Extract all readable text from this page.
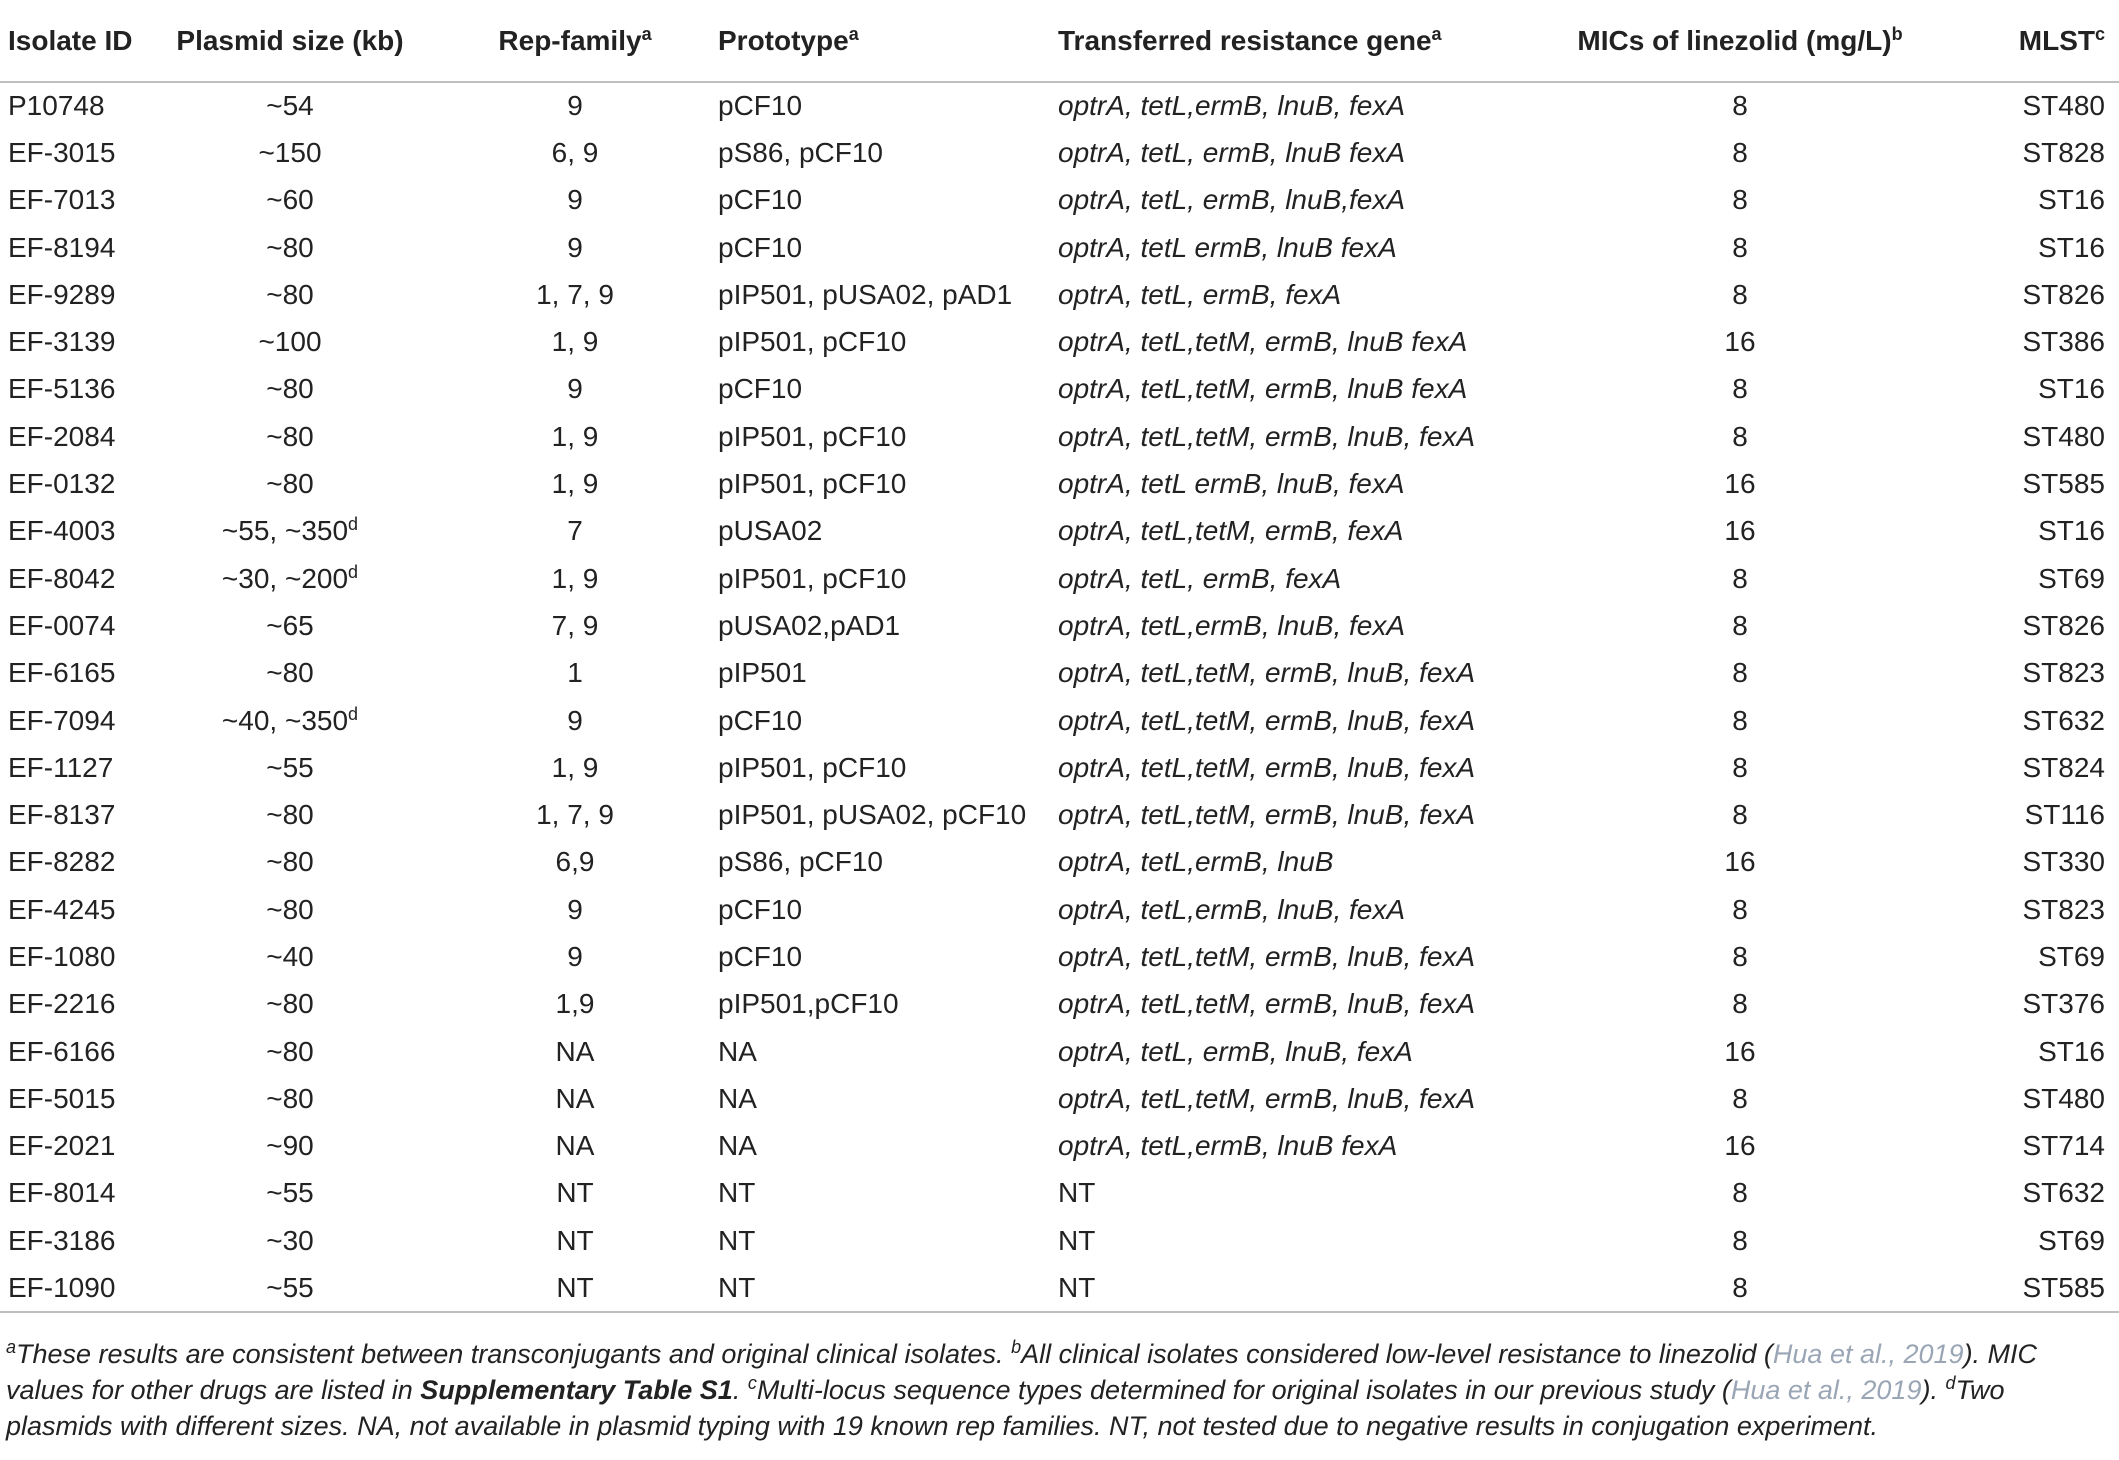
Isolate ID	Plasmid size (kb)	Rep-family$^a$	Prototype$^a$	Transferred resistance gene$^a$	MICs of linezolid $(mg/L)^b$	MLST$^c$
P10748	~54	9	pCF10	optrA, tetL,ermB, lnuB, fexA	8	ST480
EF-3015	~150	6, 9	pS86, pCF10	optrA, tetL, ermB, lnuB fexA	8	ST828
EF-7013	~60	9	pCF10	optrA, tetL, ermB, lnuB,fexA	8	ST16
EF-8194	~80	9	pCF10	optrA, tetL ermB, lnuB fexA	8	ST16
EF-9289	~80	1, 7, 9	pIP501, pUSA02, pAD1	optrA, tetL, ermB, fexA	8	ST826
EF-3139	~100	1, 9	pIP501, pCF10	optrA, tetL,tetM, ermB, lnuB fexA	16	ST386
EF-5136	~80	9	pCF10	optrA, tetL,tetM, ermB, lnuB fexA	8	ST16
EF-2084	~80	1, 9	pIP501, pCF10	optrA, tetL,tetM, ermB, lnuB, fexA	8	ST480
EF-0132	~80	1, 9	pIP501, pCF10	optrA, tetL ermB, lnuB, fexA	16	ST585
EF-4003	~55, ~350$^d$	7	pUSA02	optrA, tetL,tetM, ermB, fexA	16	ST16
EF-8042	~30, ~200$^d$	1, 9	pIP501, pCF10	optrA, tetL, ermB, fexA	8	ST69
EF-0074	~65	7, 9	pUSA02,pAD1	optrA, tetL,ermB, lnuB, fexA	8	ST826
EF-6165	~80	1	pIP501	optrA, tetL,tetM, ermB, lnuB, fexA	8	ST823
EF-7094	~40, ~350$^d$	9	pCF10	optrA, tetL,tetM, ermB, lnuB, fexA	8	ST632
EF-1127	~55	1, 9	pIP501, pCF10	optrA, tetL,tetM, ermB, lnuB, fexA	8	ST824
EF-8137	~80	1, 7, 9	pIP501, pUSA02, pCF10	optrA, tetL,tetM, ermB, lnuB, fexA	8	ST116
EF-8282	~80	6,9	pS86, pCF10	optrA, tetL,ermB, lnuB	16	ST330
EF-4245	~80	9	pCF10	optrA, tetL,ermB, lnuB, fexA	8	ST823
EF-1080	~40	9	pCF10	optrA, tetL,tetM, ermB, lnuB, fexA	8	ST69
EF-2216	~80	1,9	pIP501,pCF10	optrA, tetL,tetM, ermB, lnuB, fexA	8	ST376
EF-6166	~80	NA	NA	optrA, tetL, ermB, lnuB, fexA	16	ST16
EF-5015	~80	NA	NA	optrA, tetL,tetM, ermB, lnuB, fexA	8	ST480
EF-2021	~90	NA	NA	optrA, tetL,ermB, lnuB fexA	16	ST714
EF-8014	~55	NT	NT	NT	8	ST632
EF-3186	~30	NT	NT	NT	8	ST69
EF-1090	~55	NT	NT	NT	8	ST585
$^a$These results are consistent between transconjugants and original clinical isolates. $^b$All clinical isolates considered low-level resistance to linezolid (Hua et al., 2019). MIC values for other drugs are listed in Supplementary Table S1. $^c$Multi-locus sequence types determined for original isolates in our previous study (Hua et al., 2019). $^d$Two plasmids with different sizes. NA, not available in plasmid typing with 19 known rep families. NT, not tested due to negative results in conjugation experiment.
